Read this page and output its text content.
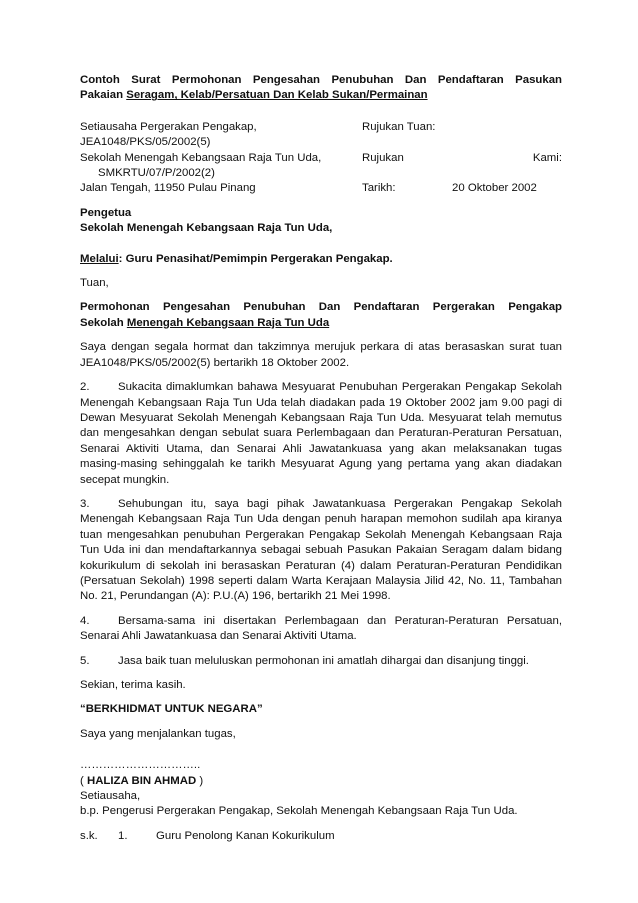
Contoh Surat Permohonan Pengesahan Penubuhan Dan Pendaftaran Pasukan

Pakaian Seragam, Kelab/Persatuan Dan Kelab Sukan/Permainan

Setiausaha Pergerakan Pengakap,	Rujukan Tuan:
JEA1048/PKS/05/2002(5)
Sekolah Menengah Kebangsaan Raja Tun Uda,	Rujukan	Kami:
SMKRTU/07/P/2002(2)
Jalan Tengah, 11950 Pulau Pinang	Tarikh:	20 Oktober 2002

Pengetua

Sekolah Menengah Kebangsaan Raja Tun Uda,

Melalui: Guru Penasihat/Pemimpin Pergerakan Pengakap.

Tuan,

Permohonan Pengesahan Penubuhan Dan Pendaftaran Pergerakan Pengakap

Sekolah Menengah Kebangsaan Raja Tun Uda

Saya dengan segala hormat dan takzimnya merujuk perkara di atas berasaskan surat tuan JEA1048/PKS/05/2002(5) bertarikh 18 Oktober 2002.

2.	Sukacita dimaklumkan bahawa Mesyuarat Penubuhan Pergerakan Pengakap Sekolah Menengah Kebangsaan Raja Tun Uda telah diadakan pada 19 Oktober 2002 jam 9.00 pagi di Dewan Mesyuarat Sekolah Menengah Kebangsaan Raja Tun Uda. Mesyuarat telah memutus dan mengesahkan dengan sebulat suara Perlembagaan dan Peraturan-Peraturan Persatuan, Senarai Aktiviti Utama, dan Senarai Ahli Jawatankuasa yang akan melaksanakan tugas masing-masing sehinggalah ke tarikh Mesyuarat Agung yang pertama yang akan diadakan secepat mungkin.

3.	Sehubungan itu, saya bagi pihak Jawatankuasa Pergerakan Pengakap Sekolah Menengah Kebangsaan Raja Tun Uda dengan penuh harapan memohon sudilah apa kiranya tuan mengesahkan penubuhan Pergerakan Pengakap Sekolah Menengah Kebangsaan Raja Tun Uda ini dan mendaftarkannya sebagai sebuah Pasukan Pakaian Seragam dalam bidang kokurikulum di sekolah ini berasaskan Peraturan (4) dalam Peraturan-Peraturan Pendidikan (Persatuan Sekolah) 1998 seperti dalam Warta Kerajaan Malaysia Jilid 42, No. 11, Tambahan No. 21, Perundangan (A): P.U.(A) 196, bertarikh 21 Mei 1998.

4.	Bersama-sama ini disertakan Perlembagaan dan Peraturan-Peraturan Persatuan, Senarai Ahli Jawatankuasa dan Senarai Aktiviti Utama.

5.	Jasa baik tuan meluluskan permohonan ini amatlah dihargai dan disanjung tinggi.

Sekian, terima kasih.

“BERKHIDMAT UNTUK NEGARA”

Saya yang menjalankan tugas,

…………………………..

( HALIZA BIN AHMAD )

Setiausaha,

b.p. Pengerusi Pergerakan Pengakap, Sekolah Menengah Kebangsaan Raja Tun Uda.

s.k. 1.	Guru Penolong Kanan Kokurikulum
